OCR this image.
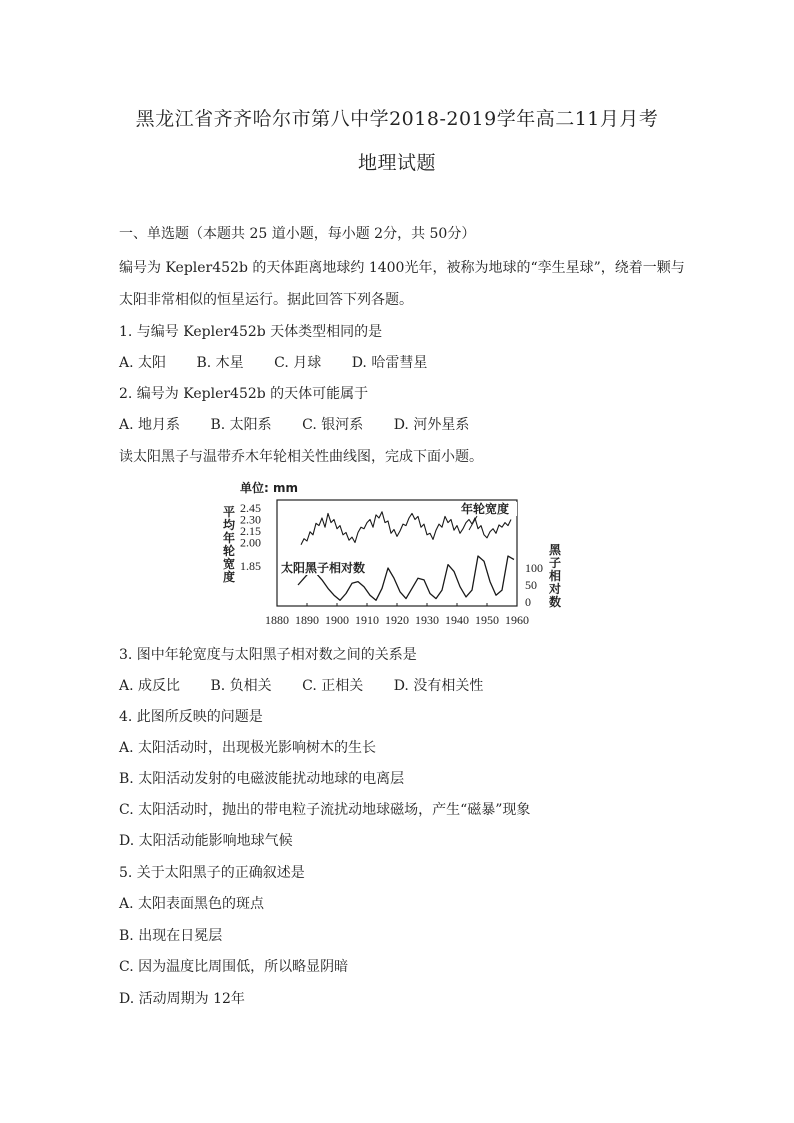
黑龙江省齐齐哈尔市第八中学2018-2019学年高二11月月考
地理试题
一、单选题（本题共 25 道小题，每小题 2分，共 50分）
编号为 Kepler452b 的天体距离地球约 1400光年，被称为地球的“孪生星球”，绕着一颗与
太阳非常相似的恒星运行。据此回答下列各题。
1. 与编号 Kepler452b 天体类型相同的是
A. 太阳 B. 木星 C. 月球 D. 哈雷彗星
2. 编号为 Kepler452b 的天体可能属于
A. 地月系 B. 太阳系 C. 银河系 D. 河外星系
读太阳黑子与温带乔木年轮相关性曲线图，完成下面小题。
单位: mm
平
均
年
轮
宽
度
黑
子
相
对
数
2.45
2.30
2.15
2.00
1.85	100
50
0
1880 1890 1900 1910 1920 1930 1940 1950 1960
年轮宽度
太阳黑子相对数
3. 图中年轮宽度与太阳黑子相对数之间的关系是
A. 成反比 B. 负相关 C. 正相关 D. 没有相关性
4. 此图所反映的问题是
A. 太阳活动时，出现极光影响树木的生长
B. 太阳活动发射的电磁波能扰动地球的电离层
C. 太阳活动时，抛出的带电粒子流扰动地球磁场，产生“磁暴”现象
D. 太阳活动能影响地球气候
5. 关于太阳黑子的正确叙述是
A. 太阳表面黑色的斑点
B. 出现在日冕层
C. 因为温度比周围低，所以略显阴暗
D. 活动周期为 12年
